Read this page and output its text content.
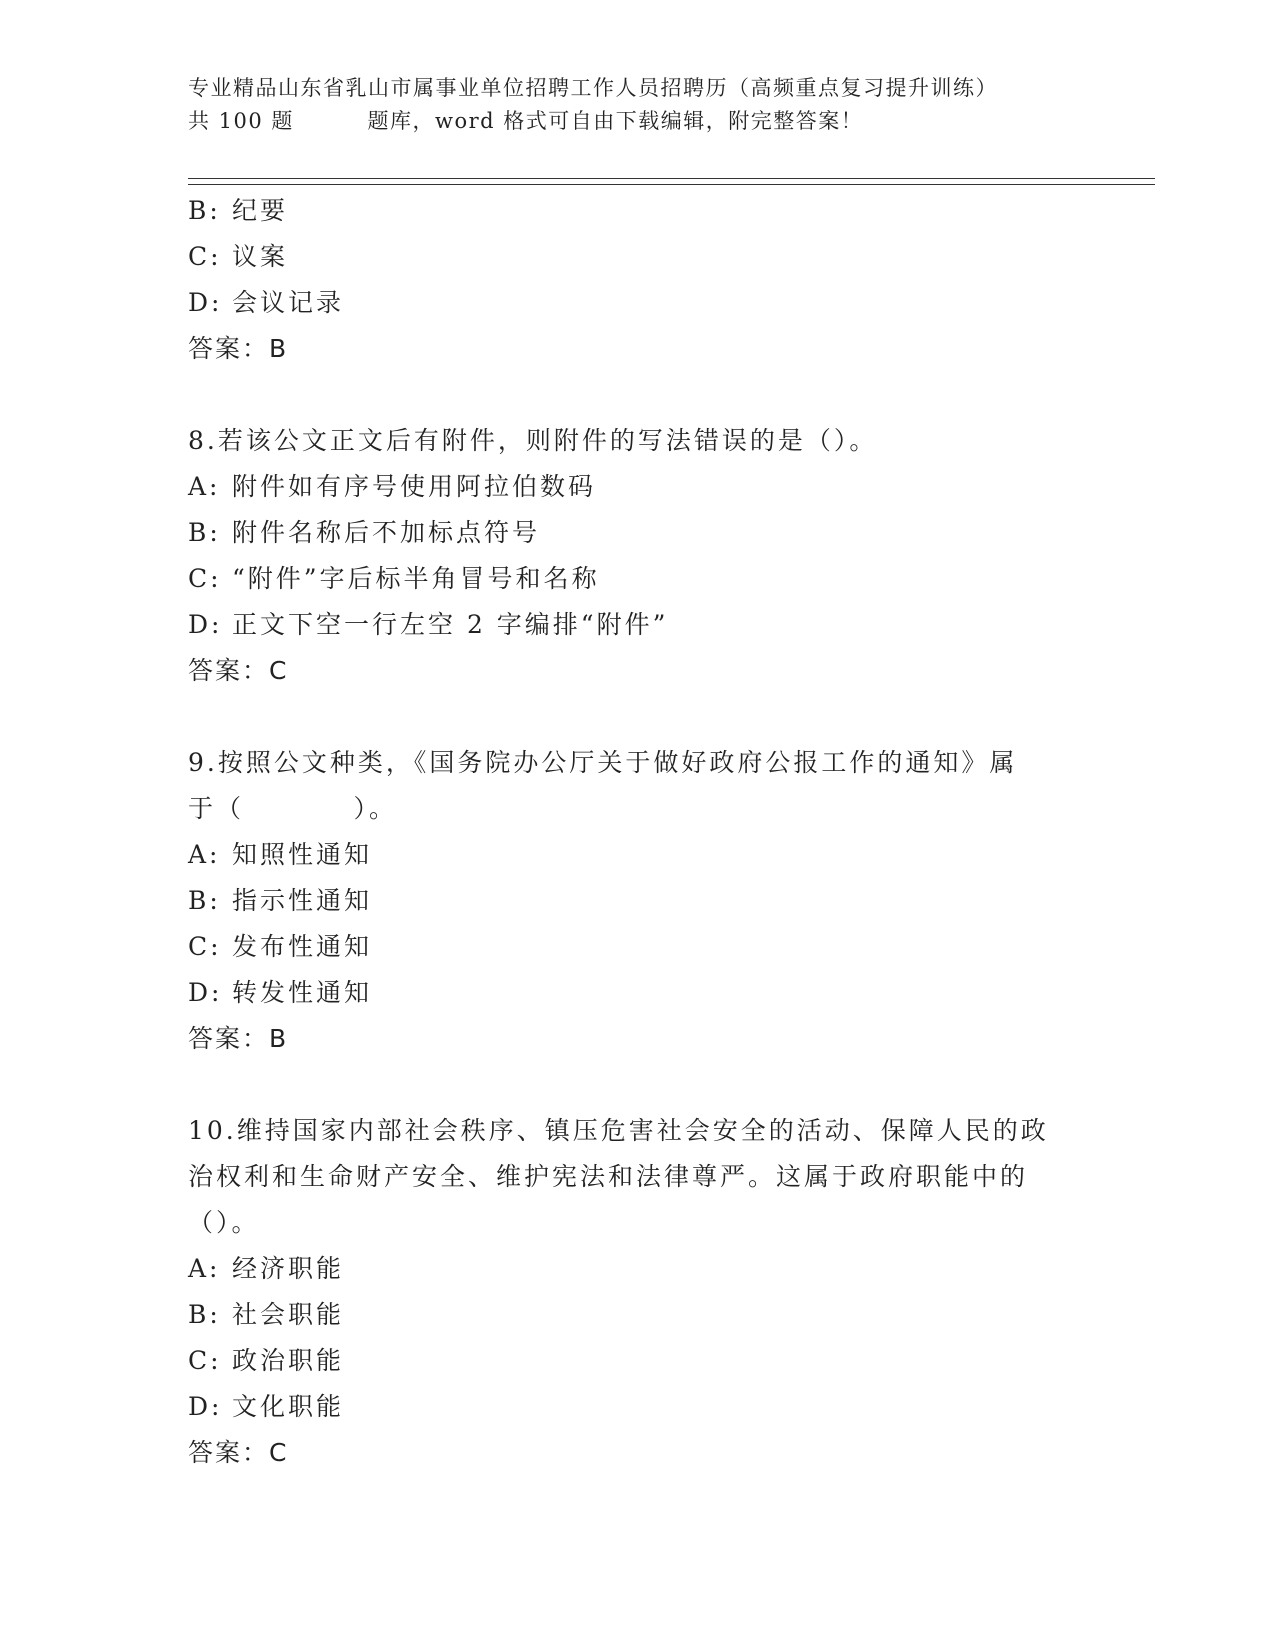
专业精品山东省乳山市属事业单位招聘工作人员招聘历（高频重点复习提升训练）
共 100 题         题库，word 格式可自由下载编辑，附完整答案！
B: 纪要
C: 议案
D: 会议记录
答案：B
8.若该公文正文后有附件，则附件的写法错误的是（）。
A: 附件如有序号使用阿拉伯数码
B: 附件名称后不加标点符号
C: “附件”字后标半角冒号和名称
D: 正文下空一行左空 2 字编排“附件”
答案：C
9.按照公文种类，《国务院办公厅关于做好政府公报工作的通知》属
于（          ）。
A: 知照性通知
B: 指示性通知
C: 发布性通知
D: 转发性通知
答案：B
10.维持国家内部社会秩序、镇压危害社会安全的活动、保障人民的政
治权利和生命财产安全、维护宪法和法律尊严。这属于政府职能中的
（）。
A: 经济职能
B: 社会职能
C: 政治职能
D: 文化职能
答案：C
